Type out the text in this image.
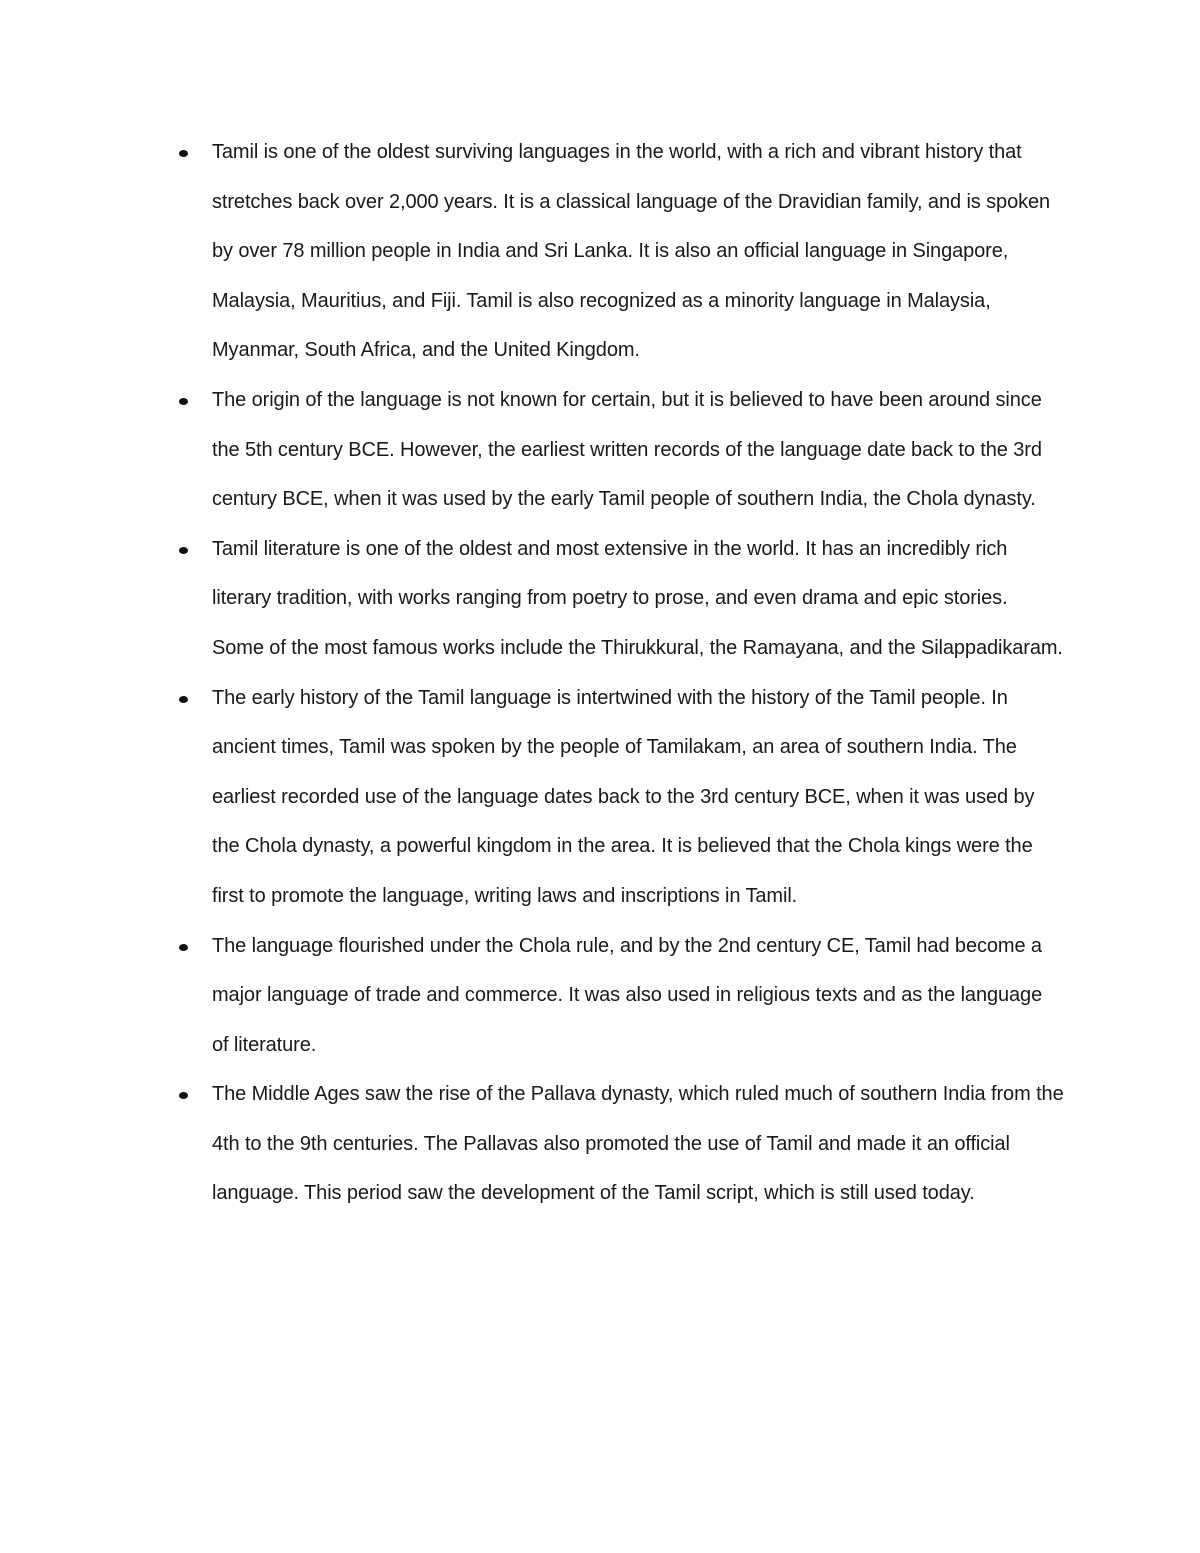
Tamil is one of the oldest surviving languages in the world, with a rich and vibrant history that stretches back over 2,000 years. It is a classical language of the Dravidian family, and is spoken by over 78 million people in India and Sri Lanka. It is also an official language in Singapore, Malaysia, Mauritius, and Fiji. Tamil is also recognized as a minority language in Malaysia, Myanmar, South Africa, and the United Kingdom.
The origin of the language is not known for certain, but it is believed to have been around since the 5th century BCE. However, the earliest written records of the language date back to the 3rd century BCE, when it was used by the early Tamil people of southern India, the Chola dynasty.
Tamil literature is one of the oldest and most extensive in the world. It has an incredibly rich literary tradition, with works ranging from poetry to prose, and even drama and epic stories. Some of the most famous works include the Thirukkural, the Ramayana, and the Silappadikaram.
The early history of the Tamil language is intertwined with the history of the Tamil people. In ancient times, Tamil was spoken by the people of Tamilakam, an area of southern India. The earliest recorded use of the language dates back to the 3rd century BCE, when it was used by the Chola dynasty, a powerful kingdom in the area. It is believed that the Chola kings were the first to promote the language, writing laws and inscriptions in Tamil.
The language flourished under the Chola rule, and by the 2nd century CE, Tamil had become a major language of trade and commerce. It was also used in religious texts and as the language of literature.
The Middle Ages saw the rise of the Pallava dynasty, which ruled much of southern India from the 4th to the 9th centuries. The Pallavas also promoted the use of Tamil and made it an official language. This period saw the development of the Tamil script, which is still used today.
